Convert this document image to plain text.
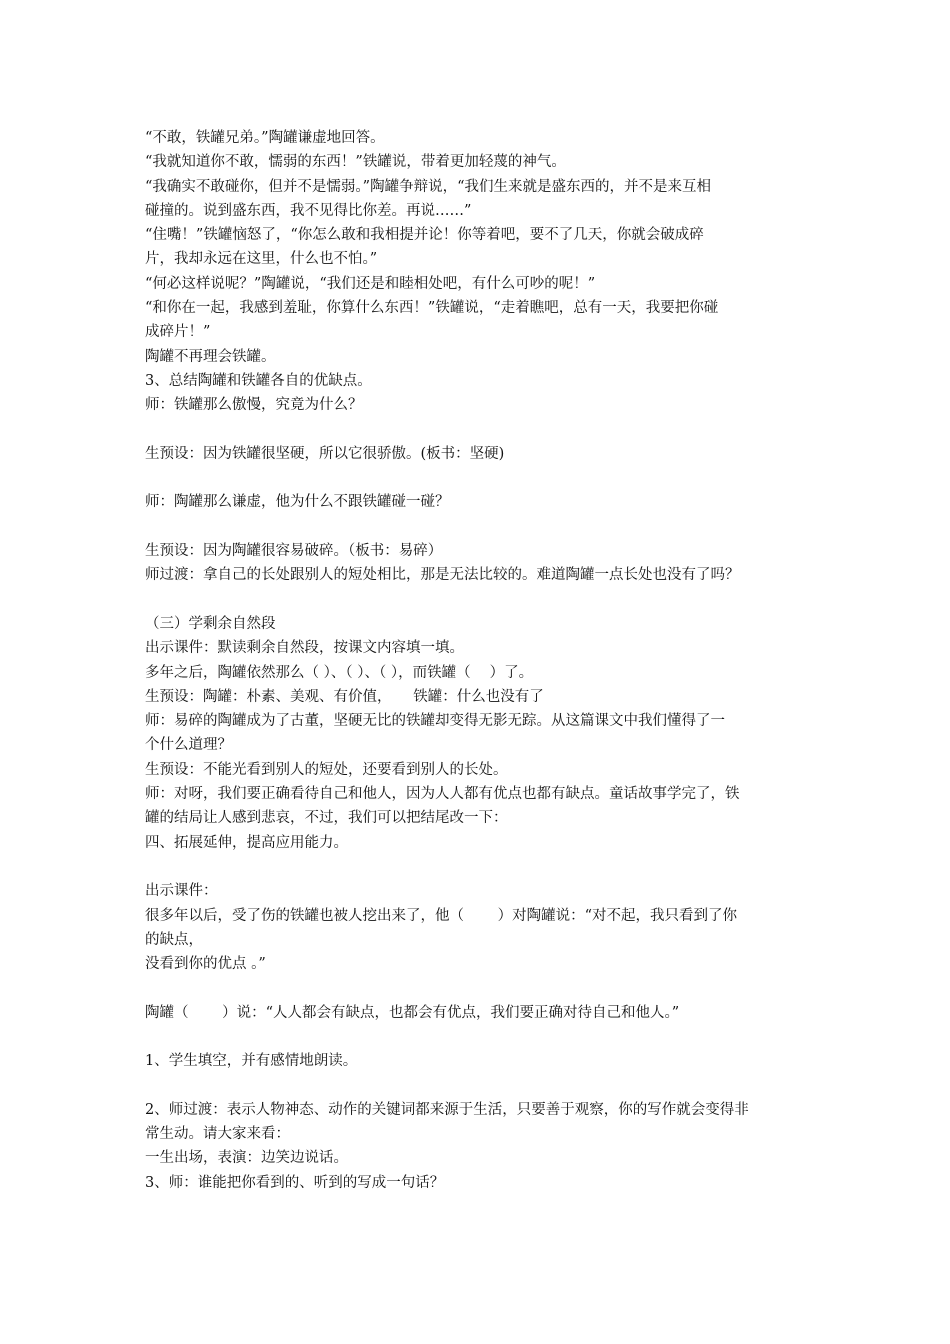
“不敢，铁罐兄弟。”陶罐谦虚地回答。
“我就知道你不敢，懦弱的东西！”铁罐说，带着更加轻蔑的神气。
“我确实不敢碰你，但并不是懦弱。”陶罐争辩说，“我们生来就是盛东西的，并不是来互相
碰撞的。说到盛东西，我不见得比你差。再说……”
“住嘴！”铁罐恼怒了，“你怎么敢和我相提并论！你等着吧，要不了几天，你就会破成碎
片，我却永远在这里，什么也不怕。”
“何必这样说呢？”陶罐说，“我们还是和睦相处吧，有什么可吵的呢！”
“和你在一起，我感到羞耻，你算什么东西！”铁罐说，“走着瞧吧，总有一天，我要把你碰
成碎片！”
陶罐不再理会铁罐。
3、总结陶罐和铁罐各自的优缺点。
师：铁罐那么傲慢，究竟为什么？
生预设：因为铁罐很坚硬，所以它很骄傲。(板书：坚硬)
师：陶罐那么谦虚，他为什么不跟铁罐碰一碰？
生预设：因为陶罐很容易破碎。（板书：易碎）
师过渡：拿自己的长处跟别人的短处相比，那是无法比较的。难道陶罐一点长处也没有了吗？
（三）学剩余自然段
出示课件：默读剩余自然段，按课文内容填一填。
多年之后，陶罐依然那么（ ）、（ ）、（ ），而铁罐（　 ）了。
生预设：陶罐：朴素、美观、有价值，　　铁罐：什么也没有了
师：易碎的陶罐成为了古董，坚硬无比的铁罐却变得无影无踪。从这篇课文中我们懂得了一
个什么道理？
生预设：不能光看到别人的短处，还要看到别人的长处。
师：对呀，我们要正确看待自己和他人，因为人人都有优点也都有缺点。童话故事学完了，铁
罐的结局让人感到悲哀，不过，我们可以把结尾改一下：
四、拓展延伸，提高应用能力。
出示课件：
很多年以后，受了伤的铁罐也被人挖出来了，他（　　 ）对陶罐说：“对不起，我只看到了你
的缺点，
没看到你的优点 。”
陶罐（　　 ）说：“人人都会有缺点，也都会有优点，我们要正确对待自己和他人。”
1、学生填空，并有感情地朗读。
2、师过渡：表示人物神态、动作的关键词都来源于生活，只要善于观察，你的写作就会变得非
常生动。请大家来看：
一生出场，表演：边笑边说话。
3、师：谁能把你看到的、听到的写成一句话？
